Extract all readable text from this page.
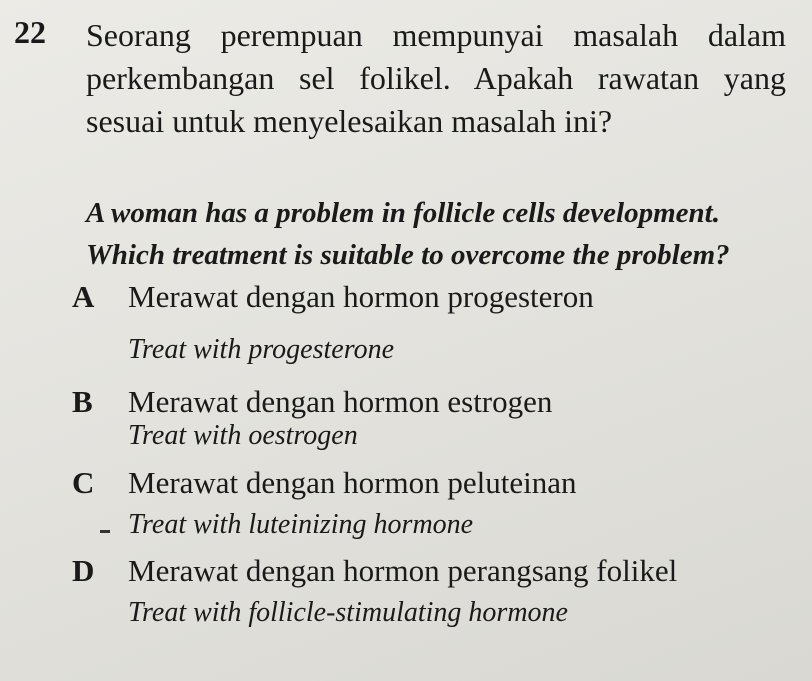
22 Seorang perempuan mempunyai masalah dalam perkembangan sel folikel. Apakah rawatan yang sesuai untuk menyelesaikan masalah ini?
A woman has a problem in follicle cells development. Which treatment is suitable to overcome the problem?
A Merawat dengan hormon progesteron
Treat with progesterone
B Merawat dengan hormon estrogen
Treat with oestrogen
C Merawat dengan hormon peluteinan
Treat with luteinizing hormone
D Merawat dengan hormon perangsang folikel
Treat with follicle-stimulating hormone
